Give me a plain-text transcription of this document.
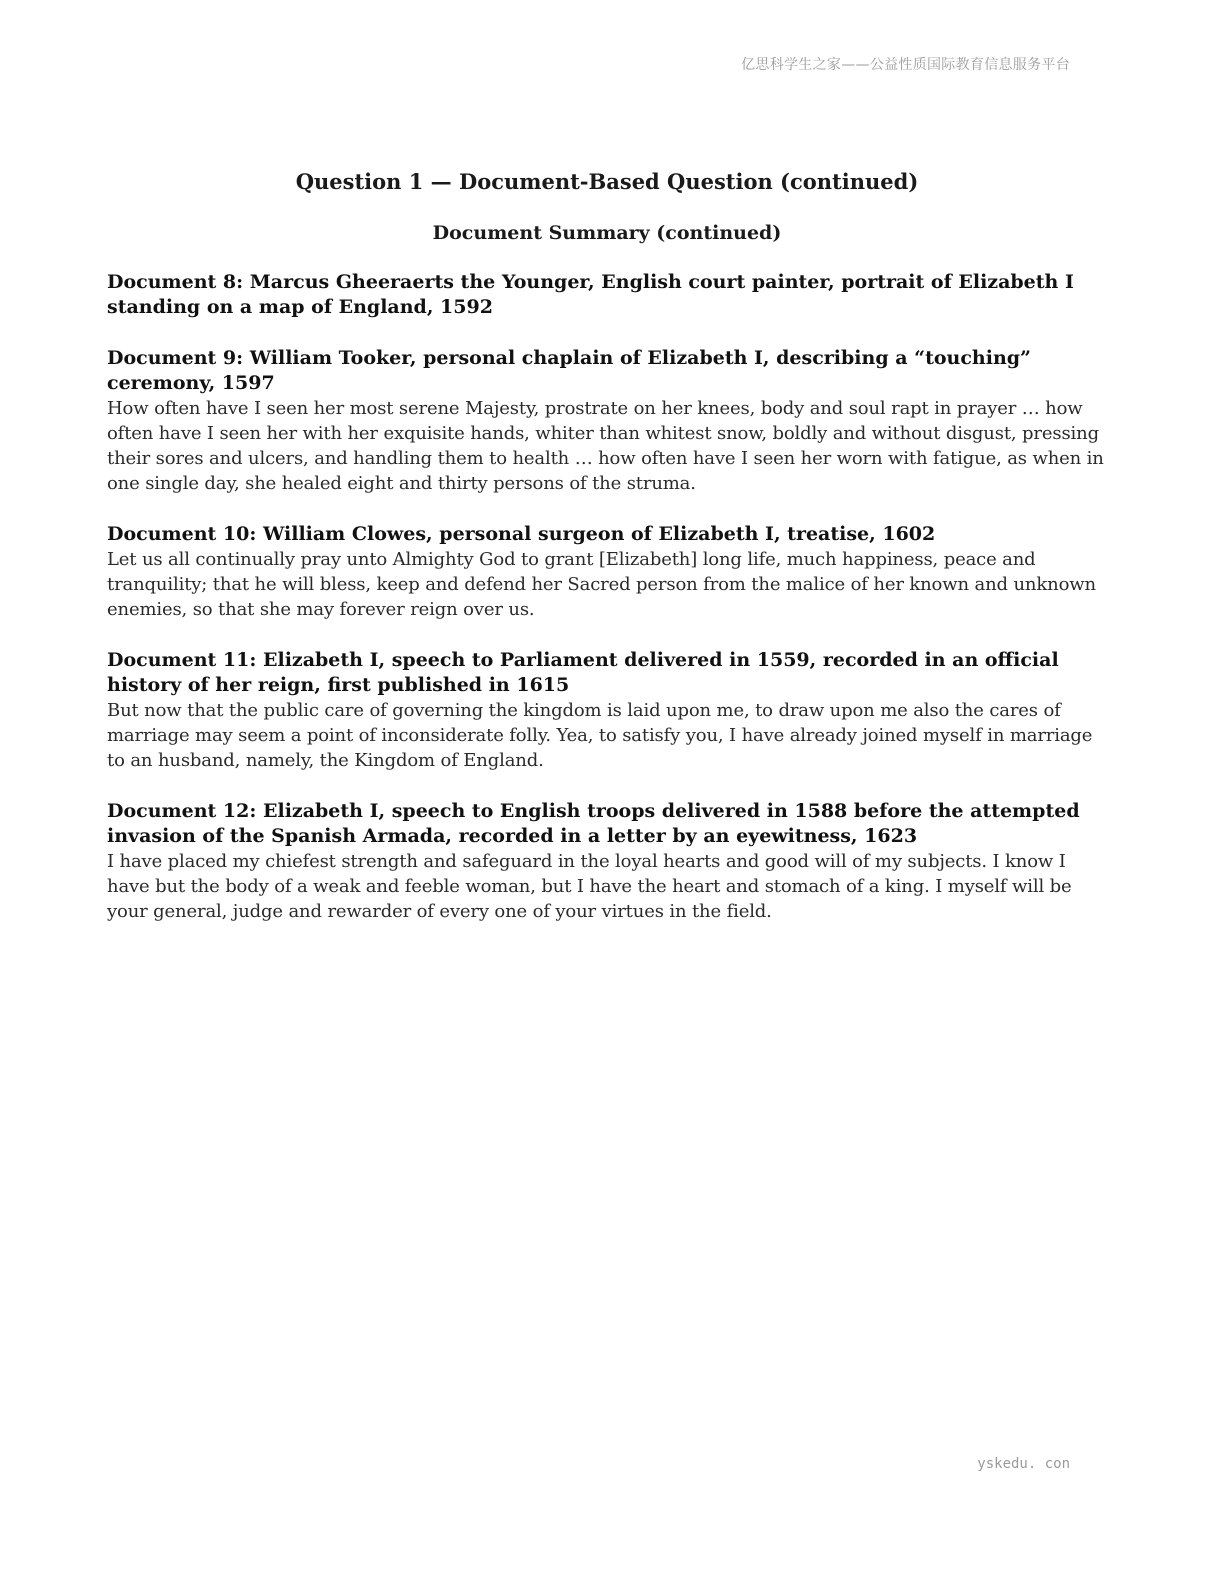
亿思科学生之家——公益性质国际教育信息服务平台
Question 1 — Document-Based Question (continued)
Document Summary (continued)

Document 8: Marcus Gheeraerts the Younger, English court painter, portrait of Elizabeth I standing on a map of England, 1592

Document 9: William Tooker, personal chaplain of Elizabeth I, describing a “touching” ceremony, 1597

How often have I seen her most serene Majesty, prostrate on her knees, body and soul rapt in prayer … how often have I seen her with her exquisite hands, whiter than whitest snow, boldly and without disgust, pressing their sores and ulcers, and handling them to health … how often have I seen her worn with fatigue, as when in one single day, she healed eight and thirty persons of the struma.

Document 10: William Clowes, personal surgeon of Elizabeth I, treatise, 1602

Let us all continually pray unto Almighty God to grant [Elizabeth] long life, much happiness, peace and tranquility; that he will bless, keep and defend her Sacred person from the malice of her known and unknown enemies, so that she may forever reign over us.

Document 11: Elizabeth I, speech to Parliament delivered in 1559, recorded in an official history of her reign, first published in 1615

But now that the public care of governing the kingdom is laid upon me, to draw upon me also the cares of marriage may seem a point of inconsiderate folly. Yea, to satisfy you, I have already joined myself in marriage to an husband, namely, the Kingdom of England.

Document 12: Elizabeth I, speech to English troops delivered in 1588 before the attempted invasion of the Spanish Armada, recorded in a letter by an eyewitness, 1623

I have placed my chiefest strength and safeguard in the loyal hearts and good will of my subjects. I know I have but the body of a weak and feeble woman, but I have the heart and stomach of a king. I myself will be your general, judge and rewarder of every one of your virtues in the field.

yskedu. con
